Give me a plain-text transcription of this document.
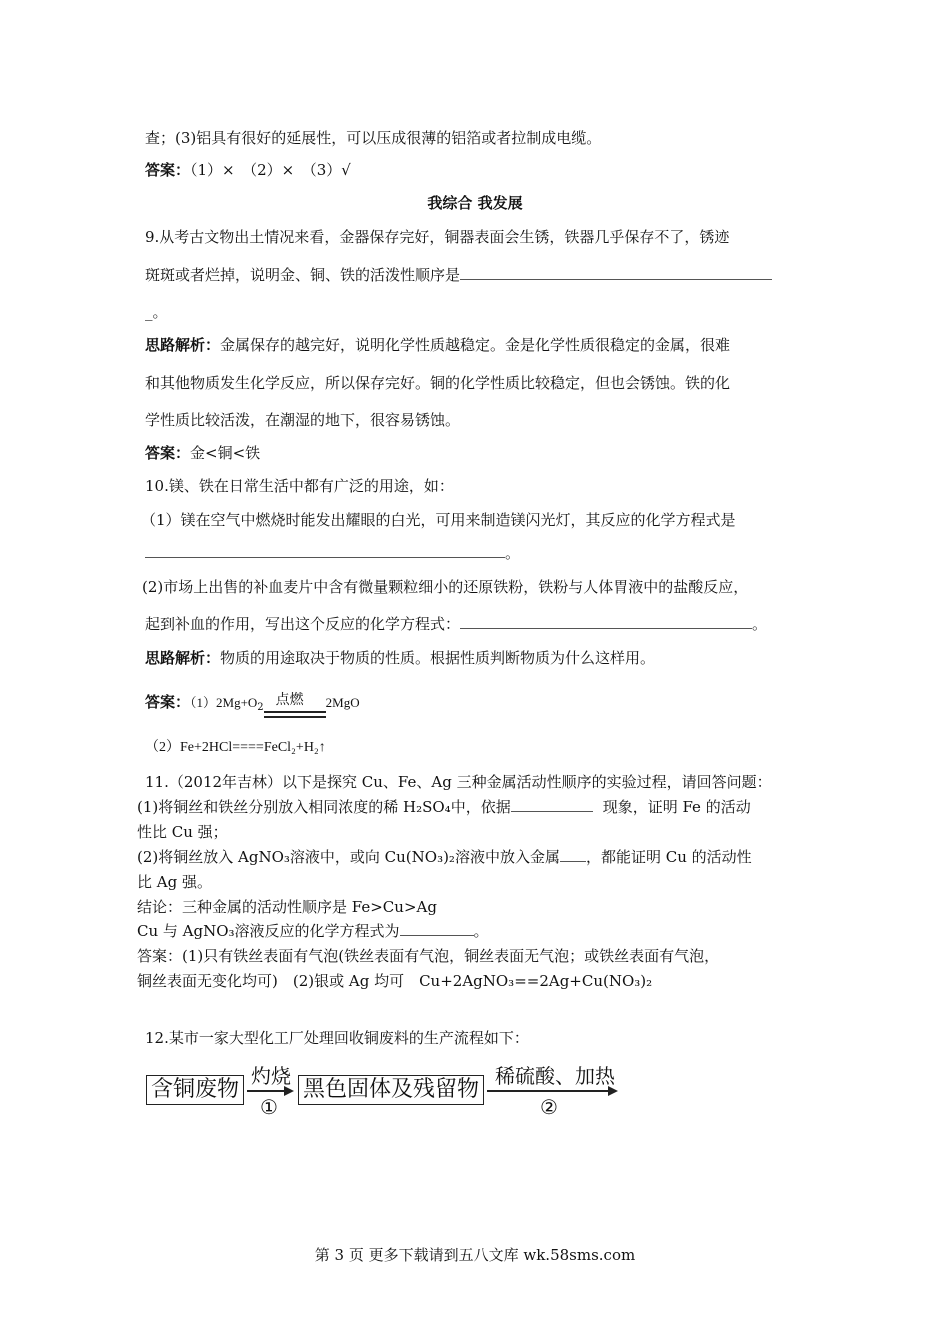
查；(3)铝具有很好的延展性，可以压成很薄的铝箔或者拉制成电缆。
答案：（1）×　（2）×　（3）√
我综合 我发展
9.从考古文物出土情况来看，金器保存完好，铜器表面会生锈，铁器几乎保存不了，锈迹
斑斑或者烂掉，说明金、铜、铁的活泼性顺序是
_。
思路解析：金属保存的越完好，说明化学性质越稳定。金是化学性质很稳定的金属，很难
和其他物质发生化学反应，所以保存完好。铜的化学性质比较稳定，但也会锈蚀。铁的化
学性质比较活泼，在潮湿的地下，很容易锈蚀。
答案：金<铜<铁
10.镁、铁在日常生活中都有广泛的用途，如：
（1）镁在空气中燃烧时能发出耀眼的白光，可用来制造镁闪光灯，其反应的化学方程式是
。
(2)市场上出售的补血麦片中含有微量颗粒细小的还原铁粉，铁粉与人体胃液中的盐酸反应，
起到补血的作用，写出这个反应的化学方程式：	。
思路解析：物质的用途取决于物质的性质。根据性质判断物质为什么这样用。
答案：$(1)2Mg+O_2$ 点燃 2MgO
（2）Fe+2HCl====FeCl₂+H₂↑
11.（2012年吉林）以下是探究 Cu、Fe、Ag 三种金属活动性顺序的实验过程，请回答问题：
(1)将铜丝和铁丝分别放入相同浓度的稀 H₂SO₄中，依据	现象，证明 Fe 的活动
性比 Cu 强；
(2)将铜丝放入 AgNO₃溶液中，或向 Cu(NO₃)₂溶液中放入金属 ，都能证明 Cu 的活动性
比 Ag 强。
结论：三种金属的活动性顺序是 Fe>Cu>Ag
Cu 与 AgNO₃溶液反应的化学方程式为	。
答案：(1)只有铁丝表面有气泡(铁丝表面有气泡，铜丝表面无气泡；或铁丝表面有气泡，
铜丝表面无变化均可)　(2)银或 Ag 均可　Cu+2AgNO₃==2Ag+Cu(NO₃)₂
12.某市一家大型化工厂处理回收铜废料的生产流程如下：
含铜废物
灼烧
①
黑色固体及残留物
稀硫酸、加热
②
第 3 页 更多下载请到五八文库 wk.58sms.com
